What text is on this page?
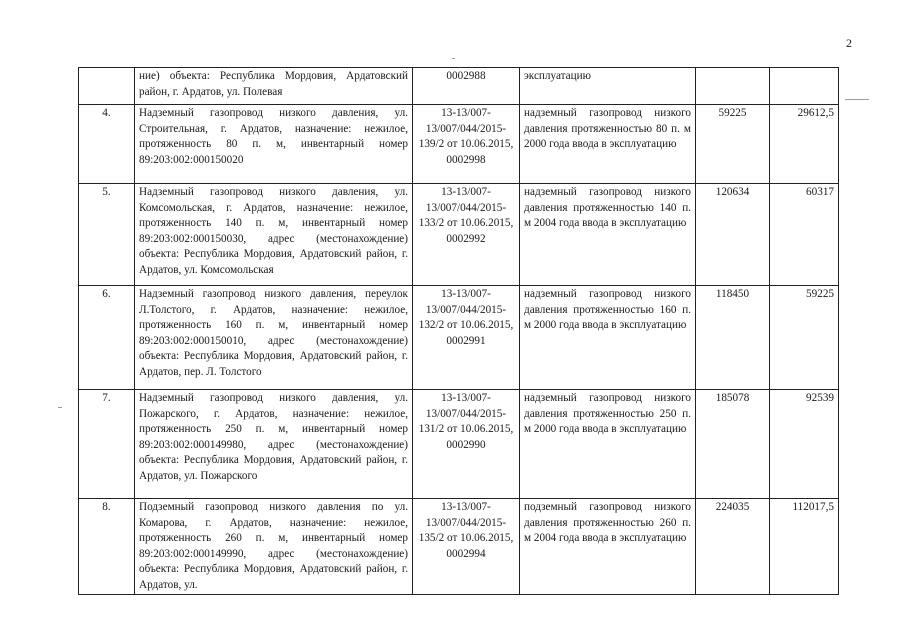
2
	ние) объекта: Республика Мордовия, Ардатовский район, г. Ардатов, ул. Полевая	0002988	эксплуатацию		
4.	Надземный газопровод низкого давления, ул. Строительная, г. Ардатов, назначение: нежилое, протяженность 80 п. м, инвентарный номер 89:203:002:000150020	13-13/007-13/007/044/2015-139/2 от 10.06.2015, 0002998	надземный газопровод низкого давления протяженностью 80 п. м 2000 года ввода в эксплуатацию	59225	29612,5
5.	Надземный газопровод низкого давления, ул. Комсомольская, г. Ардатов, назначение: нежилое, протяженность 140 п. м, инвентарный номер 89:203:002:000150030, адрес (местонахождение) объекта: Республика Мордовия, Ардатовский район, г. Ардатов, ул. Комсомольская	13-13/007-13/007/044/2015-133/2 от 10.06.2015, 0002992	надземный газопровод низкого давления протяженностью 140 п. м 2004 года ввода в эксплуатацию	120634	60317
6.	Надземный газопровод низкого давления, переулок Л.Толстого, г. Ардатов, назначение: нежилое, протяженность 160 п. м, инвентарный номер 89:203:002:000150010, адрес (местонахождение) объекта: Республика Мордовия, Ардатовский район, г. Ардатов, пер. Л. Толстого	13-13/007-13/007/044/2015-132/2 от 10.06.2015, 0002991	надземный газопровод низкого давления протяженностью 160 п. м 2000 года ввода в эксплуатацию	118450	59225
7.	Надземный газопровод низкого давления, ул. Пожарского, г. Ардатов, назначение: нежилое, протяженность 250 п. м, инвентарный номер 89:203:002:000149980, адрес (местонахождение) объекта: Республика Мордовия, Ардатовский район, г. Ардатов, ул. Пожарского	13-13/007-13/007/044/2015-131/2 от 10.06.2015, 0002990	надземный газопровод низкого давления протяженностью 250 п. м 2000 года ввода в эксплуатацию	185078	92539
8.	Подземный газопровод низкого давления по ул. Комарова, г. Ардатов, назначение: нежилое, протяженность 260 п. м, инвентарный номер 89:203:002:000149990, адрес (местонахождение) объекта: Республика Мордовия, Ардатовский район, г. Ардатов, ул.	13-13/007-13/007/044/2015-135/2 от 10.06.2015, 0002994	подземный газопровод низкого давления протяженностью 260 п. м 2004 года ввода в эксплуатацию	224035	112017,5
